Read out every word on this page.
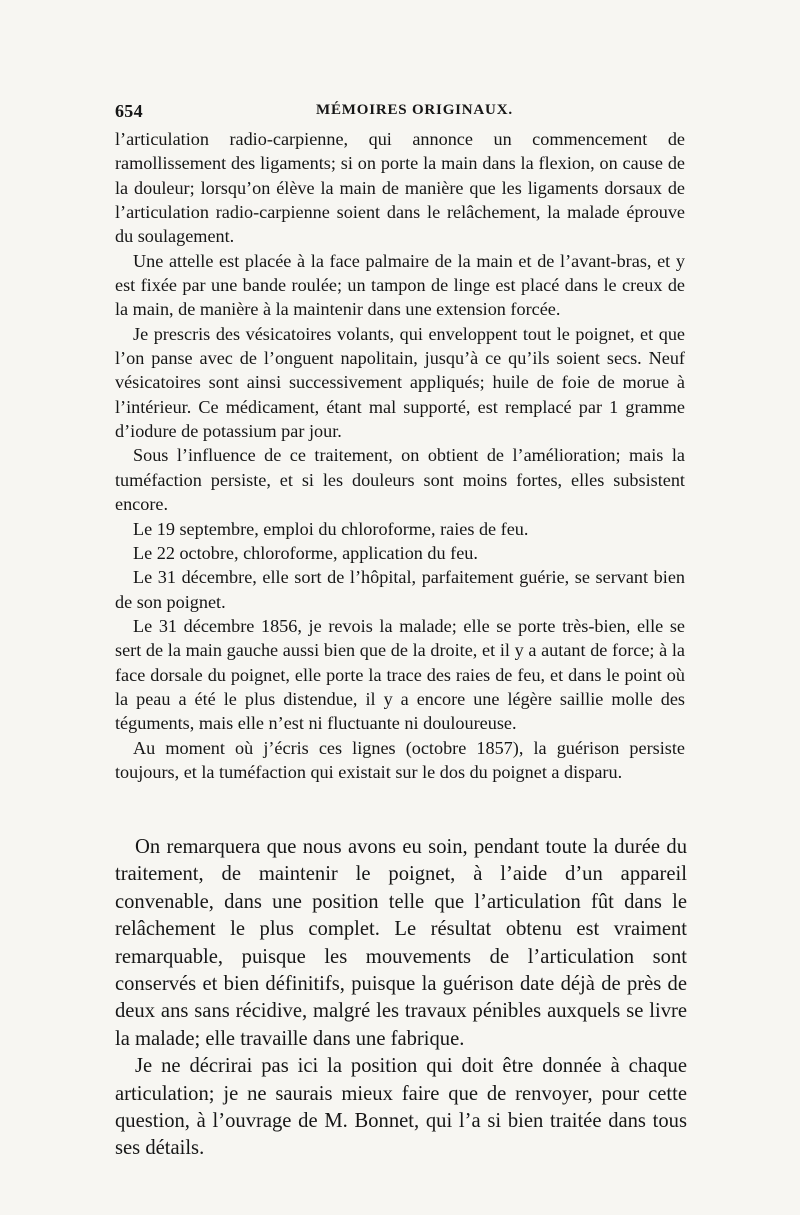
654	MÉMOIRES ORIGINAUX.

l’articulation radio-carpienne, qui annonce un commencement de ramollissement des ligaments; si on porte la main dans la flexion, on cause de la douleur; lorsqu’on élève la main de manière que les ligaments dorsaux de l’articulation radio-carpienne soient dans le relâchement, la malade éprouve du soulagement.

Une attelle est placée à la face palmaire de la main et de l’avant-bras, et y est fixée par une bande roulée; un tampon de linge est placé dans le creux de la main, de manière à la maintenir dans une extension forcée.

Je prescris des vésicatoires volants, qui enveloppent tout le poignet, et que l’on panse avec de l’onguent napolitain, jusqu’à ce qu’ils soient secs. Neuf vésicatoires sont ainsi successivement appliqués; huile de foie de morue à l’intérieur. Ce médicament, étant mal supporté, est remplacé par 1 gramme d’iodure de potassium par jour.

Sous l’influence de ce traitement, on obtient de l’amélioration; mais la tuméfaction persiste, et si les douleurs sont moins fortes, elles subsistent encore.

Le 19 septembre, emploi du chloroforme, raies de feu.

Le 22 octobre, chloroforme, application du feu.

Le 31 décembre, elle sort de l’hôpital, parfaitement guérie, se servant bien de son poignet.

Le 31 décembre 1856, je revois la malade; elle se porte très-bien, elle se sert de la main gauche aussi bien que de la droite, et il y a autant de force; à la face dorsale du poignet, elle porte la trace des raies de feu, et dans le point où la peau a été le plus distendue, il y a encore une légère saillie molle des téguments, mais elle n’est ni fluctuante ni douloureuse.

Au moment où j’écris ces lignes (octobre 1857), la guérison persiste toujours, et la tuméfaction qui existait sur le dos du poignet a disparu.

On remarquera que nous avons eu soin, pendant toute la durée du traitement, de maintenir le poignet, à l’aide d’un appareil convenable, dans une position telle que l’articulation fût dans le relâchement le plus complet. Le résultat obtenu est vraiment remarquable, puisque les mouvements de l’articulation sont conservés et bien définitifs, puisque la guérison date déjà de près de deux ans sans récidive, malgré les travaux pénibles auxquels se livre la malade; elle travaille dans une fabrique.

Je ne décrirai pas ici la position qui doit être donnée à chaque articulation; je ne saurais mieux faire que de renvoyer, pour cette question, à l’ouvrage de M. Bonnet, qui l’a si bien traitée dans tous ses détails.
